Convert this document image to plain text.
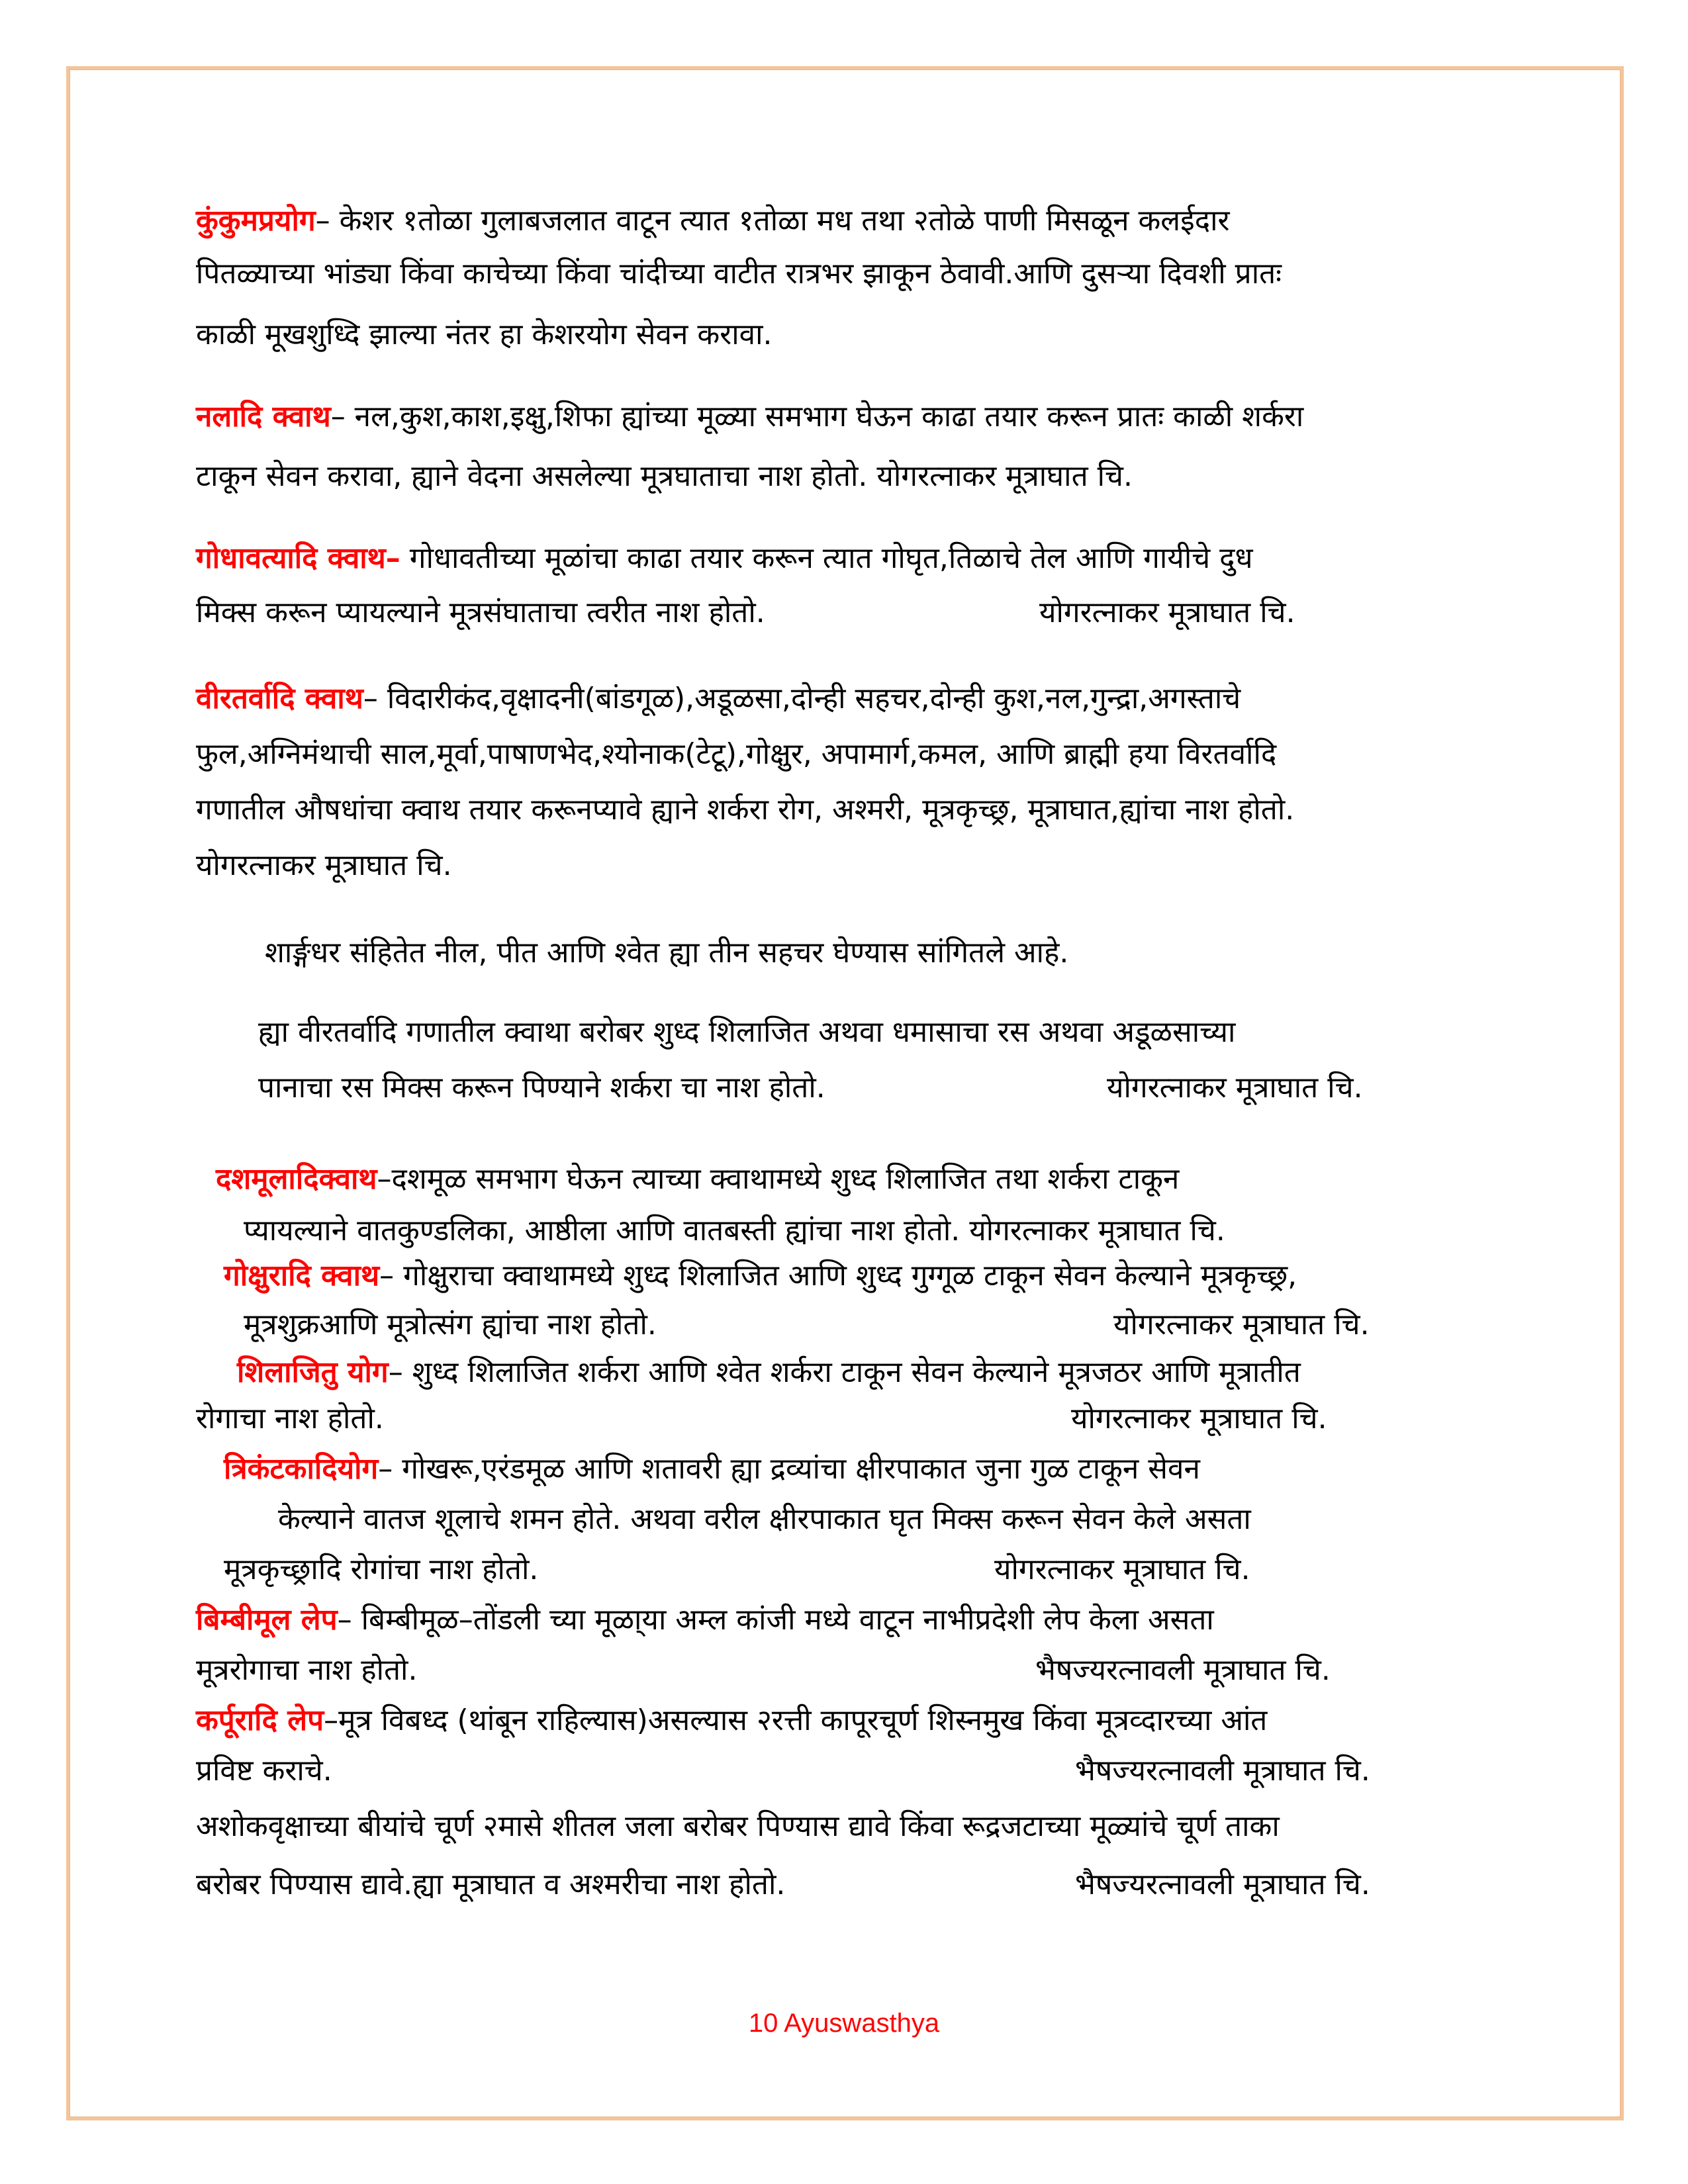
कुंकुमप्रयोग– केशर १तोळा गुलाबजलात वाटून त्यात १तोळा मध तथा २तोळे पाणी मिसळून कलईदार
पितळ्याच्या भांड्या किंवा काचेच्या किंवा चांदीच्या वाटीत रात्रभर झाकून ठेवावी.आणि दुसऱ्या दिवशी प्रातः
काळी मूखशुध्दि झाल्या नंतर हा केशरयोग सेवन करावा.
नलादि क्वाथ– नल,कुश,काश,इक्षु,शिफा ह्यांच्या मूळ्या समभाग घेऊन काढा तयार करून प्रातः काळी शर्करा
टाकून सेवन करावा, ह्याने वेदना असलेल्या मूत्रघाताचा नाश होतो. योगरत्नाकर मूत्राघात चि.
गोधावत्यादि क्वाथ– गोधावतीच्या मूळांचा काढा तयार करून त्यात गोघृत,तिळाचे तेल आणि गायीचे दुध
मिक्स करून प्यायल्याने मूत्रसंघाताचा त्वरीत नाश होतो.	योगरत्नाकर मूत्राघात चि.
वीरतर्वादि क्वाथ– विदारीकंद,वृक्षादनी(बांडगूळ),अडूळसा,दोन्ही सहचर,दोन्ही कुश,नल,गुन्द्रा,अगस्ताचे
फुल,अग्निमंथाची साल,मूर्वा,पाषाणभेद,श्योनाक(टेटू),गोक्षुर, अपामार्ग,कमल, आणि ब्राह्मी हया विरतर्वादि
गणातील औषधांचा क्वाथ तयार करूनप्यावे ह्याने शर्करा रोग, अश्मरी, मूत्रकृच्छ्र, मूत्राघात,ह्यांचा नाश होतो.
योगरत्नाकर मूत्राघात चि.
शार्ङ्गधर संहितेत नील, पीत आणि श्वेत ह्या तीन सहचर घेण्यास सांगितले आहे.
ह्या वीरतर्वादि गणातील क्वाथा बरोबर शुध्द शिलाजित अथवा धमासाचा रस अथवा अडूळसाच्या
पानाचा रस मिक्स करून पिण्याने शर्करा चा नाश होतो.	योगरत्नाकर मूत्राघात चि.
दशमूलादिक्वाथ–दशमूळ समभाग घेऊन त्याच्या क्वाथामध्ये शुध्द शिलाजित तथा शर्करा टाकून
प्यायल्याने वातकुण्डलिका, आष्ठीला आणि वातबस्ती ह्यांचा नाश होतो. योगरत्नाकर मूत्राघात चि.
गोक्षुरादि क्वाथ– गोक्षुराचा क्वाथामध्ये शुध्द शिलाजित आणि शुध्द गुग्गूळ टाकून सेवन केल्याने मूत्रकृच्छ्र,
मूत्रशुक्रआणि मूत्रोत्संग ह्यांचा नाश होतो.	योगरत्नाकर मूत्राघात चि.
शिलाजितु योग– शुध्द शिलाजित शर्करा आणि श्वेत शर्करा टाकून सेवन केल्याने मूत्रजठर आणि मूत्रातीत
रोगाचा नाश होतो.	योगरत्नाकर मूत्राघात चि.
त्रिकंटकादियोग– गोखरू,एरंडमूळ आणि शतावरी ह्या द्रव्यांचा क्षीरपाकात जुना गुळ टाकून सेवन
केल्याने वातज शूलाचे शमन होते. अथवा वरील क्षीरपाकात घृत मिक्स करून सेवन केले असता
मूत्रकृच्छ्रादि रोगांचा नाश होतो.	योगरत्नाकर मूत्राघात चि.
बिम्बीमूल लेप– बिम्बीमूळ–तोंडली च्या मूळा्या अम्ल कांजी मध्ये वाटून नाभीप्रदेशी लेप केला असता
मूत्ररोगाचा नाश होतो.	भैषज्यरत्नावली मूत्राघात चि.
कर्पूरादि लेप–मूत्र विबध्द (थांबून राहिल्यास)असल्यास २रत्ती कापूरचूर्ण शिस्नमुख किंवा मूत्रव्दारच्या आंत
प्रविष्ट कराचे.	भैषज्यरत्नावली मूत्राघात चि.
अशोकवृक्षाच्या बीयांचे चूर्ण २मासे शीतल जला बरोबर पिण्यास द्यावे किंवा रूद्रजटाच्या मूळ्यांचे चूर्ण ताका
बरोबर पिण्यास द्यावे.ह्या मूत्राघात व अश्मरीचा नाश होतो.	भैषज्यरत्नावली मूत्राघात चि.
10 Ayuswasthya
